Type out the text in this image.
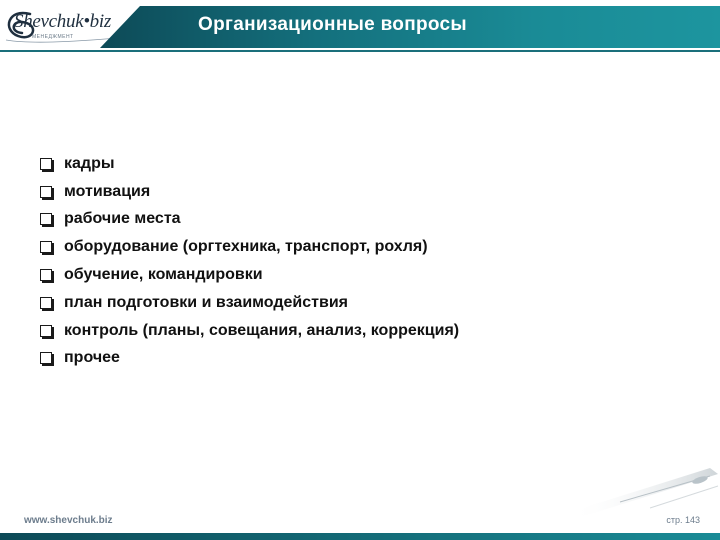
Shevchuk•biz
МЕНЕДЖМЕНТ
Организационные вопросы
кадры
мотивация
рабочие места
оборудование (оргтехника, транспорт, рохля)
обучение, командировки
план подготовки и взаимодействия
контроль (планы, совещания, анализ, коррекция)
прочее
www.shevchuk.biz	стр. 143
